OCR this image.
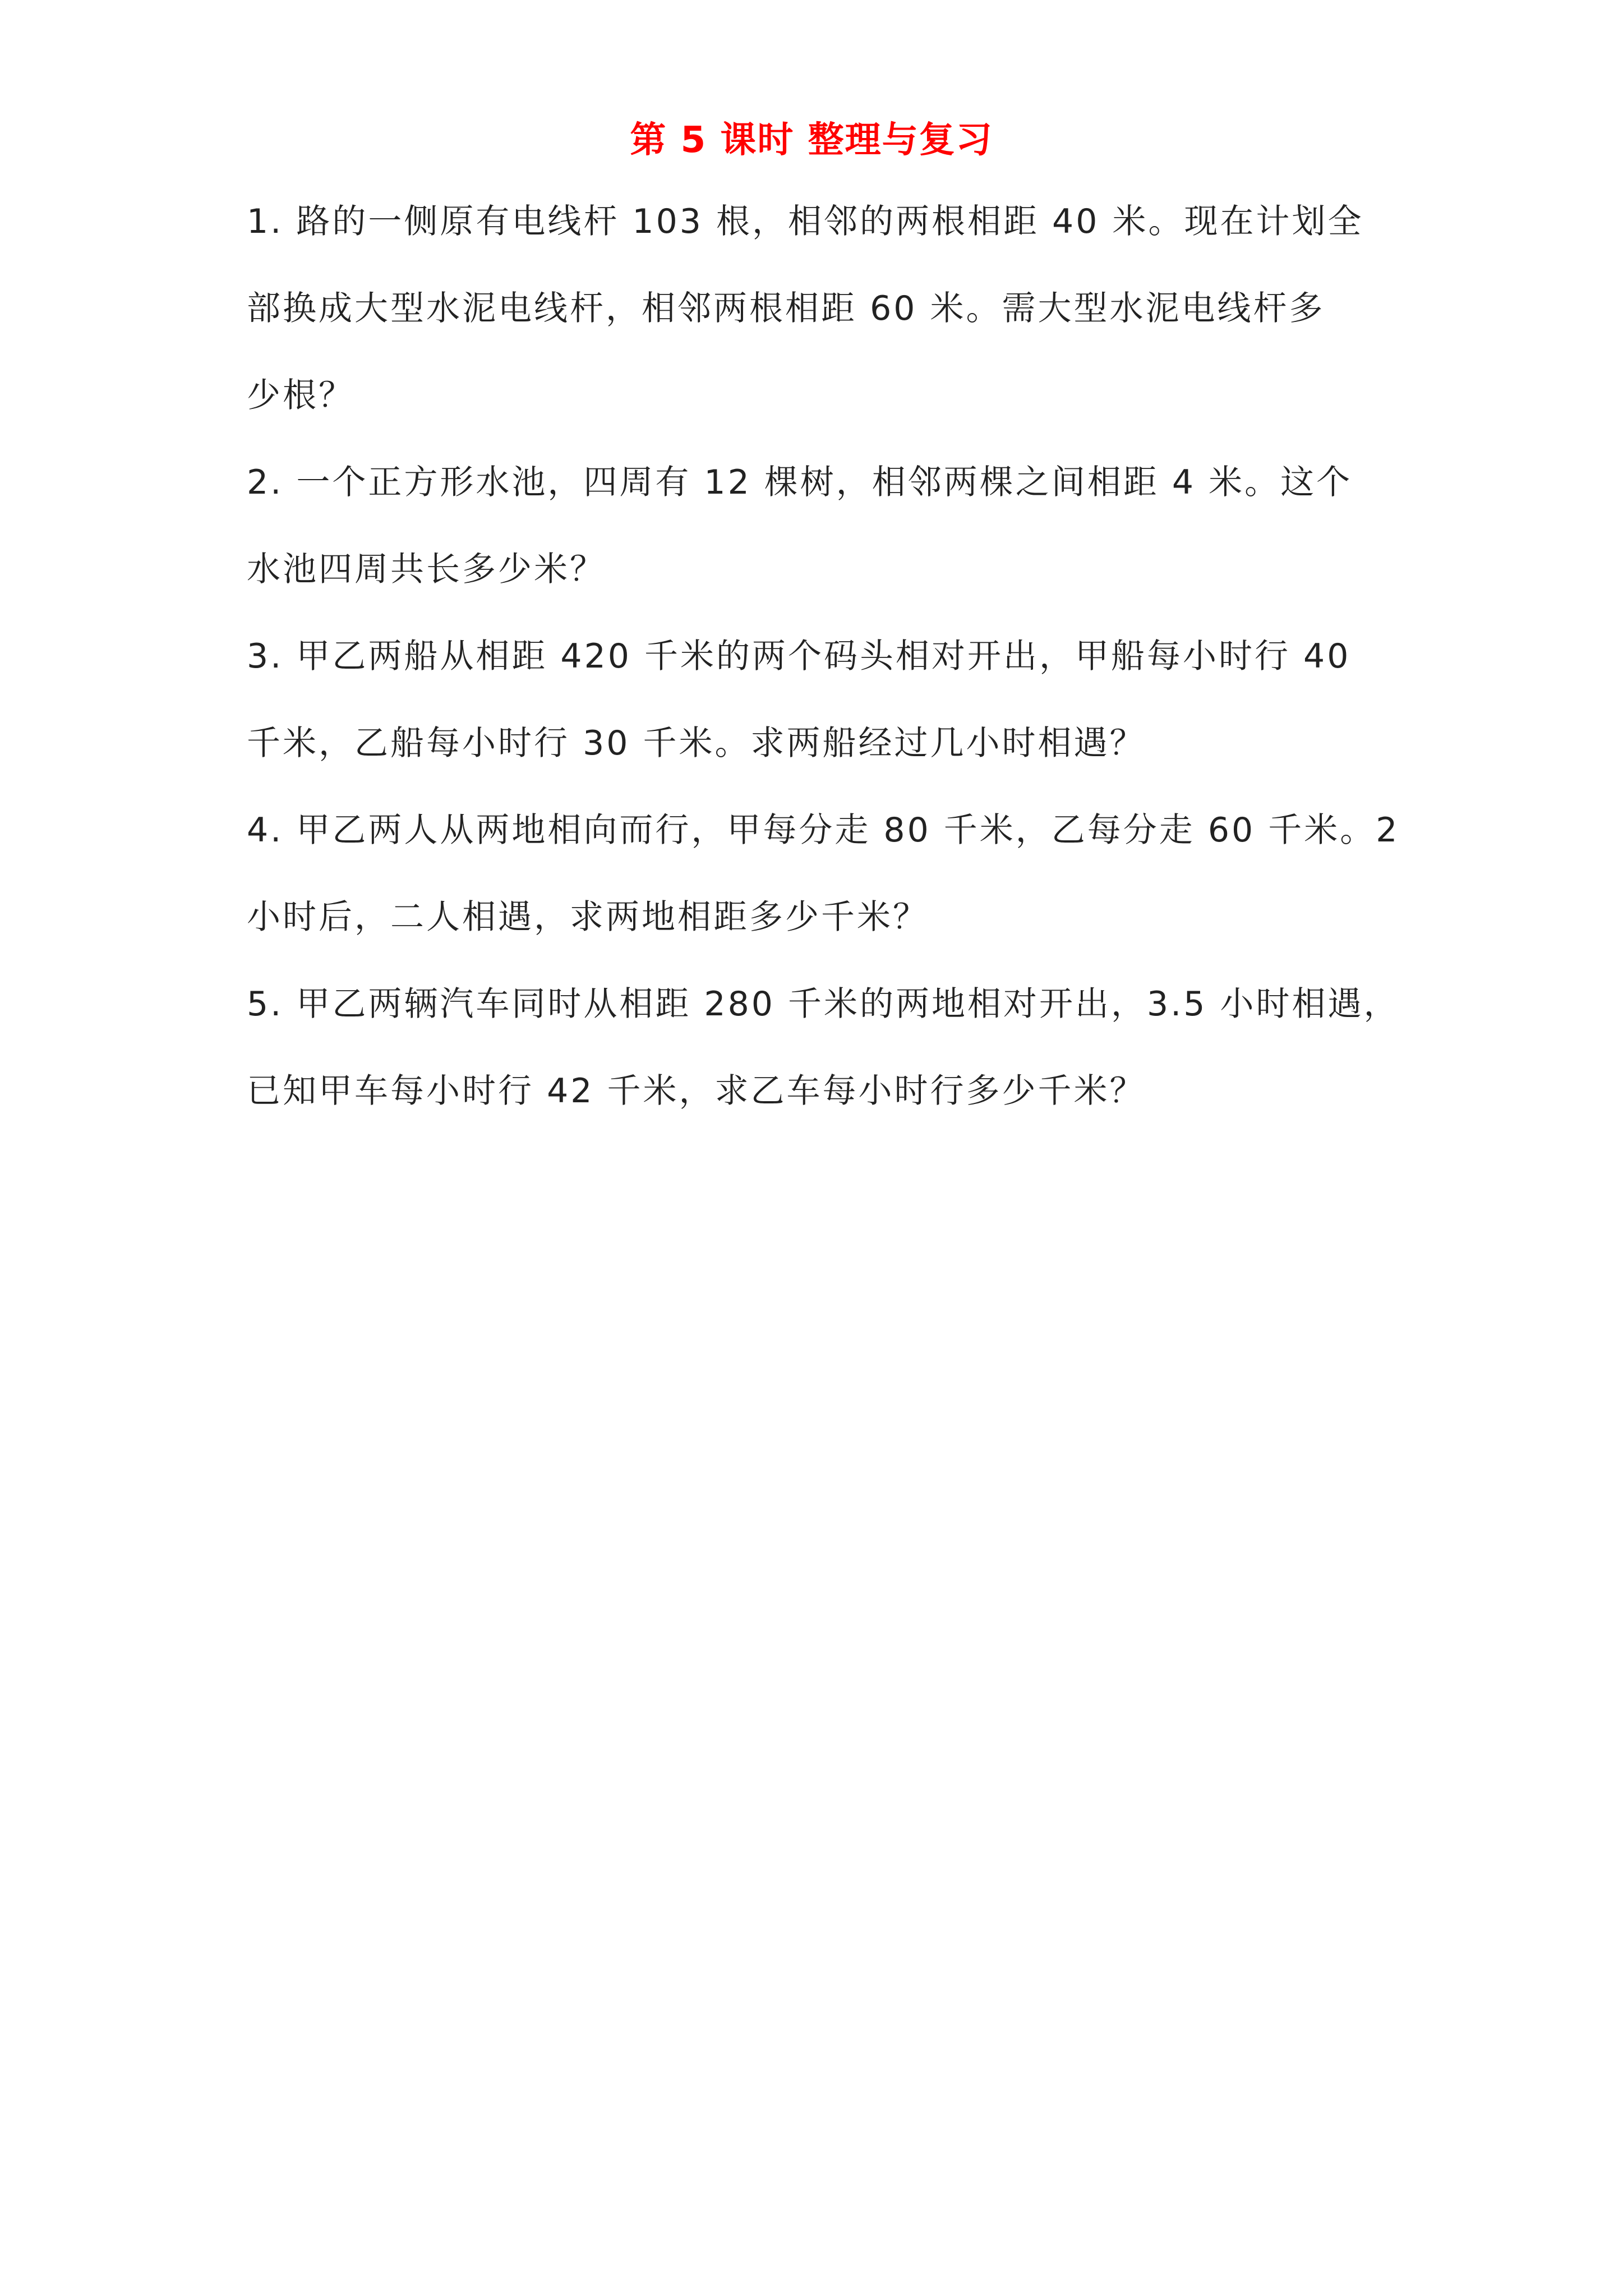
第 5 课时 整理与复习
1. 路的一侧原有电线杆 103 根，相邻的两根相距 40 米。现在计划全
部换成大型水泥电线杆，相邻两根相距 60 米。需大型水泥电线杆多
少根？
2. 一个正方形水池，四周有 12 棵树，相邻两棵之间相距 4 米。这个
水池四周共长多少米？
3. 甲乙两船从相距 420 千米的两个码头相对开出，甲船每小时行 40
千米，乙船每小时行 30 千米。求两船经过几小时相遇？
4. 甲乙两人从两地相向而行，甲每分走 80 千米，乙每分走 60 千米。2
小时后，二人相遇，求两地相距多少千米？
5. 甲乙两辆汽车同时从相距 280 千米的两地相对开出，3.5 小时相遇，
已知甲车每小时行 42 千米，求乙车每小时行多少千米？
